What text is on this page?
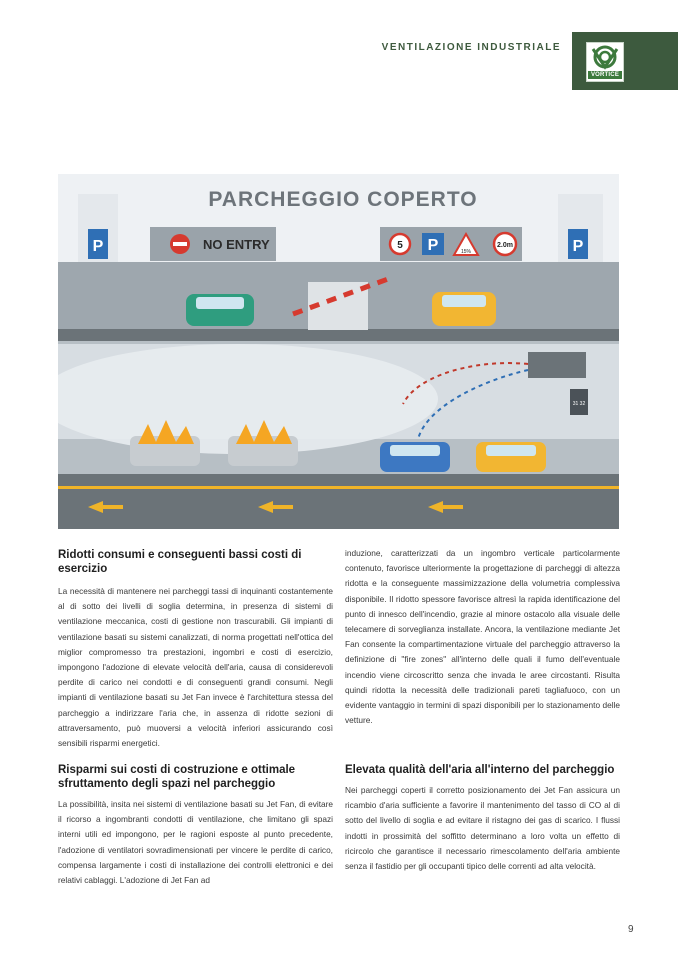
VENTILAZIONE INDUSTRIALE
VORTICE
PARCHEGGIO COPERTO
NO ENTRY	5 P	15%
2.0m
P	P
31 32
Ridotti consumi e conseguenti bassi costi di esercizio

La necessità di mantenere nei parcheggi tassi di inquinanti costantemente al di sotto dei livelli di soglia determina, in presenza di sistemi di ventilazione meccanica, costi di gestione non trascurabili. Gli impianti di ventilazione basati su sistemi canalizzati, di norma progettati nell'ottica del miglior compromesso tra prestazioni, ingombri e costi di esercizio, impongono l'adozione di elevate velocità dell'aria, causa di considerevoli perdite di carico nei condotti e di conseguenti grandi consumi. Negli impianti di ventilazione basati su Jet Fan invece è l'architettura stessa del parcheggio a indirizzare l'aria che, in assenza di ridotte sezioni di attraversamento, può muoversi a velocità inferiori assicurando così sensibili risparmi energetici.

Risparmi sui costi di costruzione e ottimale sfruttamento degli spazi nel parcheggio

La possibilità, insita nei sistemi di ventilazione basati su Jet Fan, di evitare il ricorso a ingombranti condotti di ventilazione, che limitano gli spazi interni utili ed impongono, per le ragioni esposte al punto precedente, l'adozione di ventilatori sovradimensionati per vincere le perdite di carico, compensa largamente i costi di installazione dei controlli elettronici e dei relativi cablaggi. L'adozione di Jet Fan ad

induzione, caratterizzati da un ingombro verticale particolarmente contenuto, favorisce ulteriormente la progettazione di parcheggi di altezza ridotta e la conseguente massimizzazione della volumetria complessiva disponibile. Il ridotto spessore favorisce altresì la rapida identificazione del punto di innesco dell'incendio, grazie al minore ostacolo alla visuale delle telecamere di sorveglianza installate. Ancora, la ventilazione mediante Jet Fan consente la compartimentazione virtuale del parcheggio attraverso la definizione di "fire zones" all'interno delle quali il fumo dell'eventuale incendio viene circoscritto senza che invada le aree circostanti. Risulta quindi ridotta la necessità delle tradizionali pareti tagliafuoco, con un evidente vantaggio in termini di spazi disponibili per lo stazionamento delle vetture.

Elevata qualità dell'aria all'interno del parcheggio

Nei parcheggi coperti il corretto posizionamento dei Jet Fan assicura un ricambio d'aria sufficiente a favorire il mantenimento del tasso di CO al di sotto del livello di soglia e ad evitare il ristagno dei gas di scarico. I flussi indotti in prossimità del soffitto determinano a loro volta un effetto di ricircolo che garantisce il necessario rimescolamento dell'aria ambiente senza il fastidio per gli occupanti tipico delle correnti ad alta velocità.

9
